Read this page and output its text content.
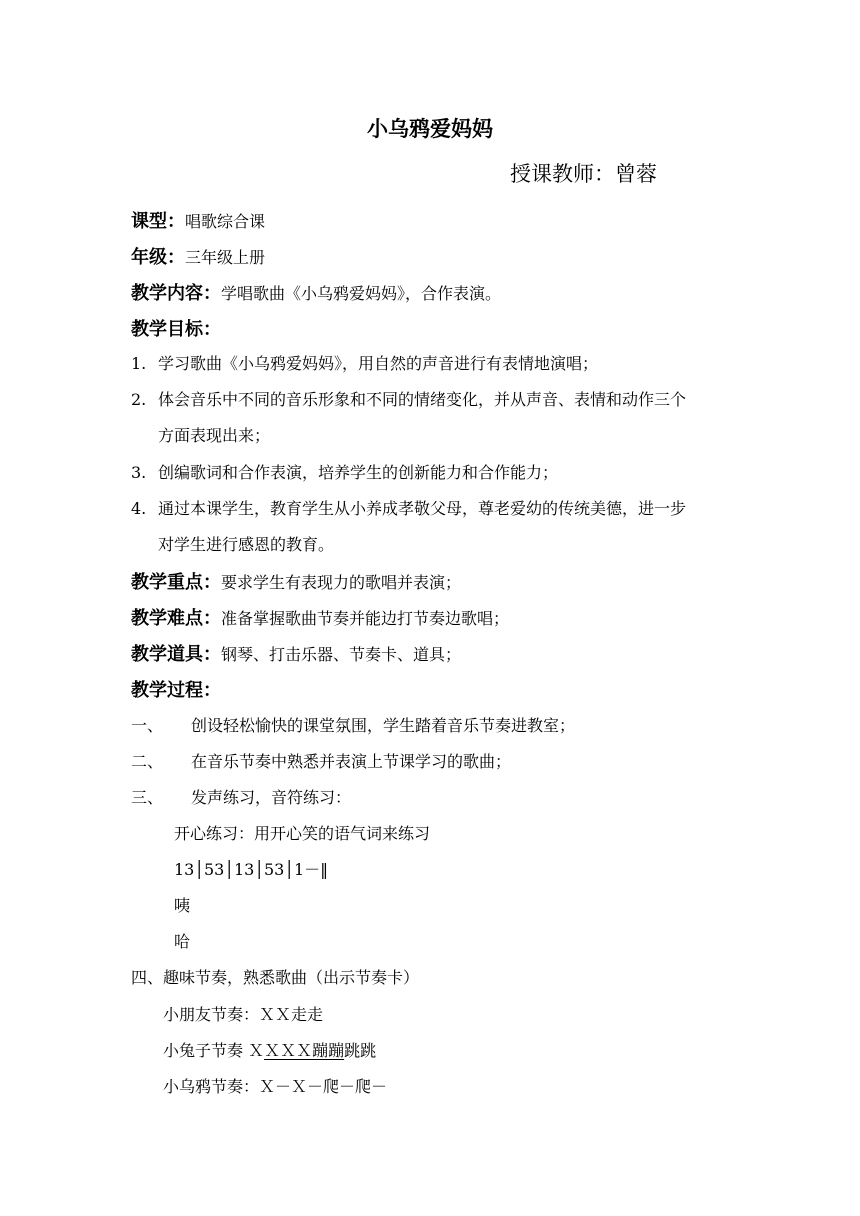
小乌鸦爱妈妈
授课教师：曾蓉
课型：唱歌综合课
年级：三年级上册
教学内容：学唱歌曲《小乌鸦爱妈妈》，合作表演。
教学目标：
1. 学习歌曲《小乌鸦爱妈妈》，用自然的声音进行有表情地演唱；
2. 体会音乐中不同的音乐形象和不同的情绪变化，并从声音、表情和动作三个
方面表现出来；
3. 创编歌词和合作表演，培养学生的创新能力和合作能力；
4. 通过本课学生，教育学生从小养成孝敬父母，尊老爱幼的传统美德，进一步
对学生进行感恩的教育。
教学重点：要求学生有表现力的歌唱并表演；
教学难点：准备掌握歌曲节奏并能边打节奏边歌唱；
教学道具：钢琴、打击乐器、节奏卡、道具；
教学过程：
一、 创设轻松愉快的课堂氛围，学生踏着音乐节奏进教室；
二、 在音乐节奏中熟悉并表演上节课学习的歌曲；
三、 发声练习，音符练习：
开心练习：用开心笑的语气词来练习
13│53│13│53│1－‖
咦
哈
四、趣味节奏，熟悉歌曲（出示节奏卡）
小朋友节奏：ＸＸ走走
小兔子节奏 ＸＸＸＸ蹦蹦跳跳
小乌鸦节奏：Ｘ－Ｘ－爬－爬－
